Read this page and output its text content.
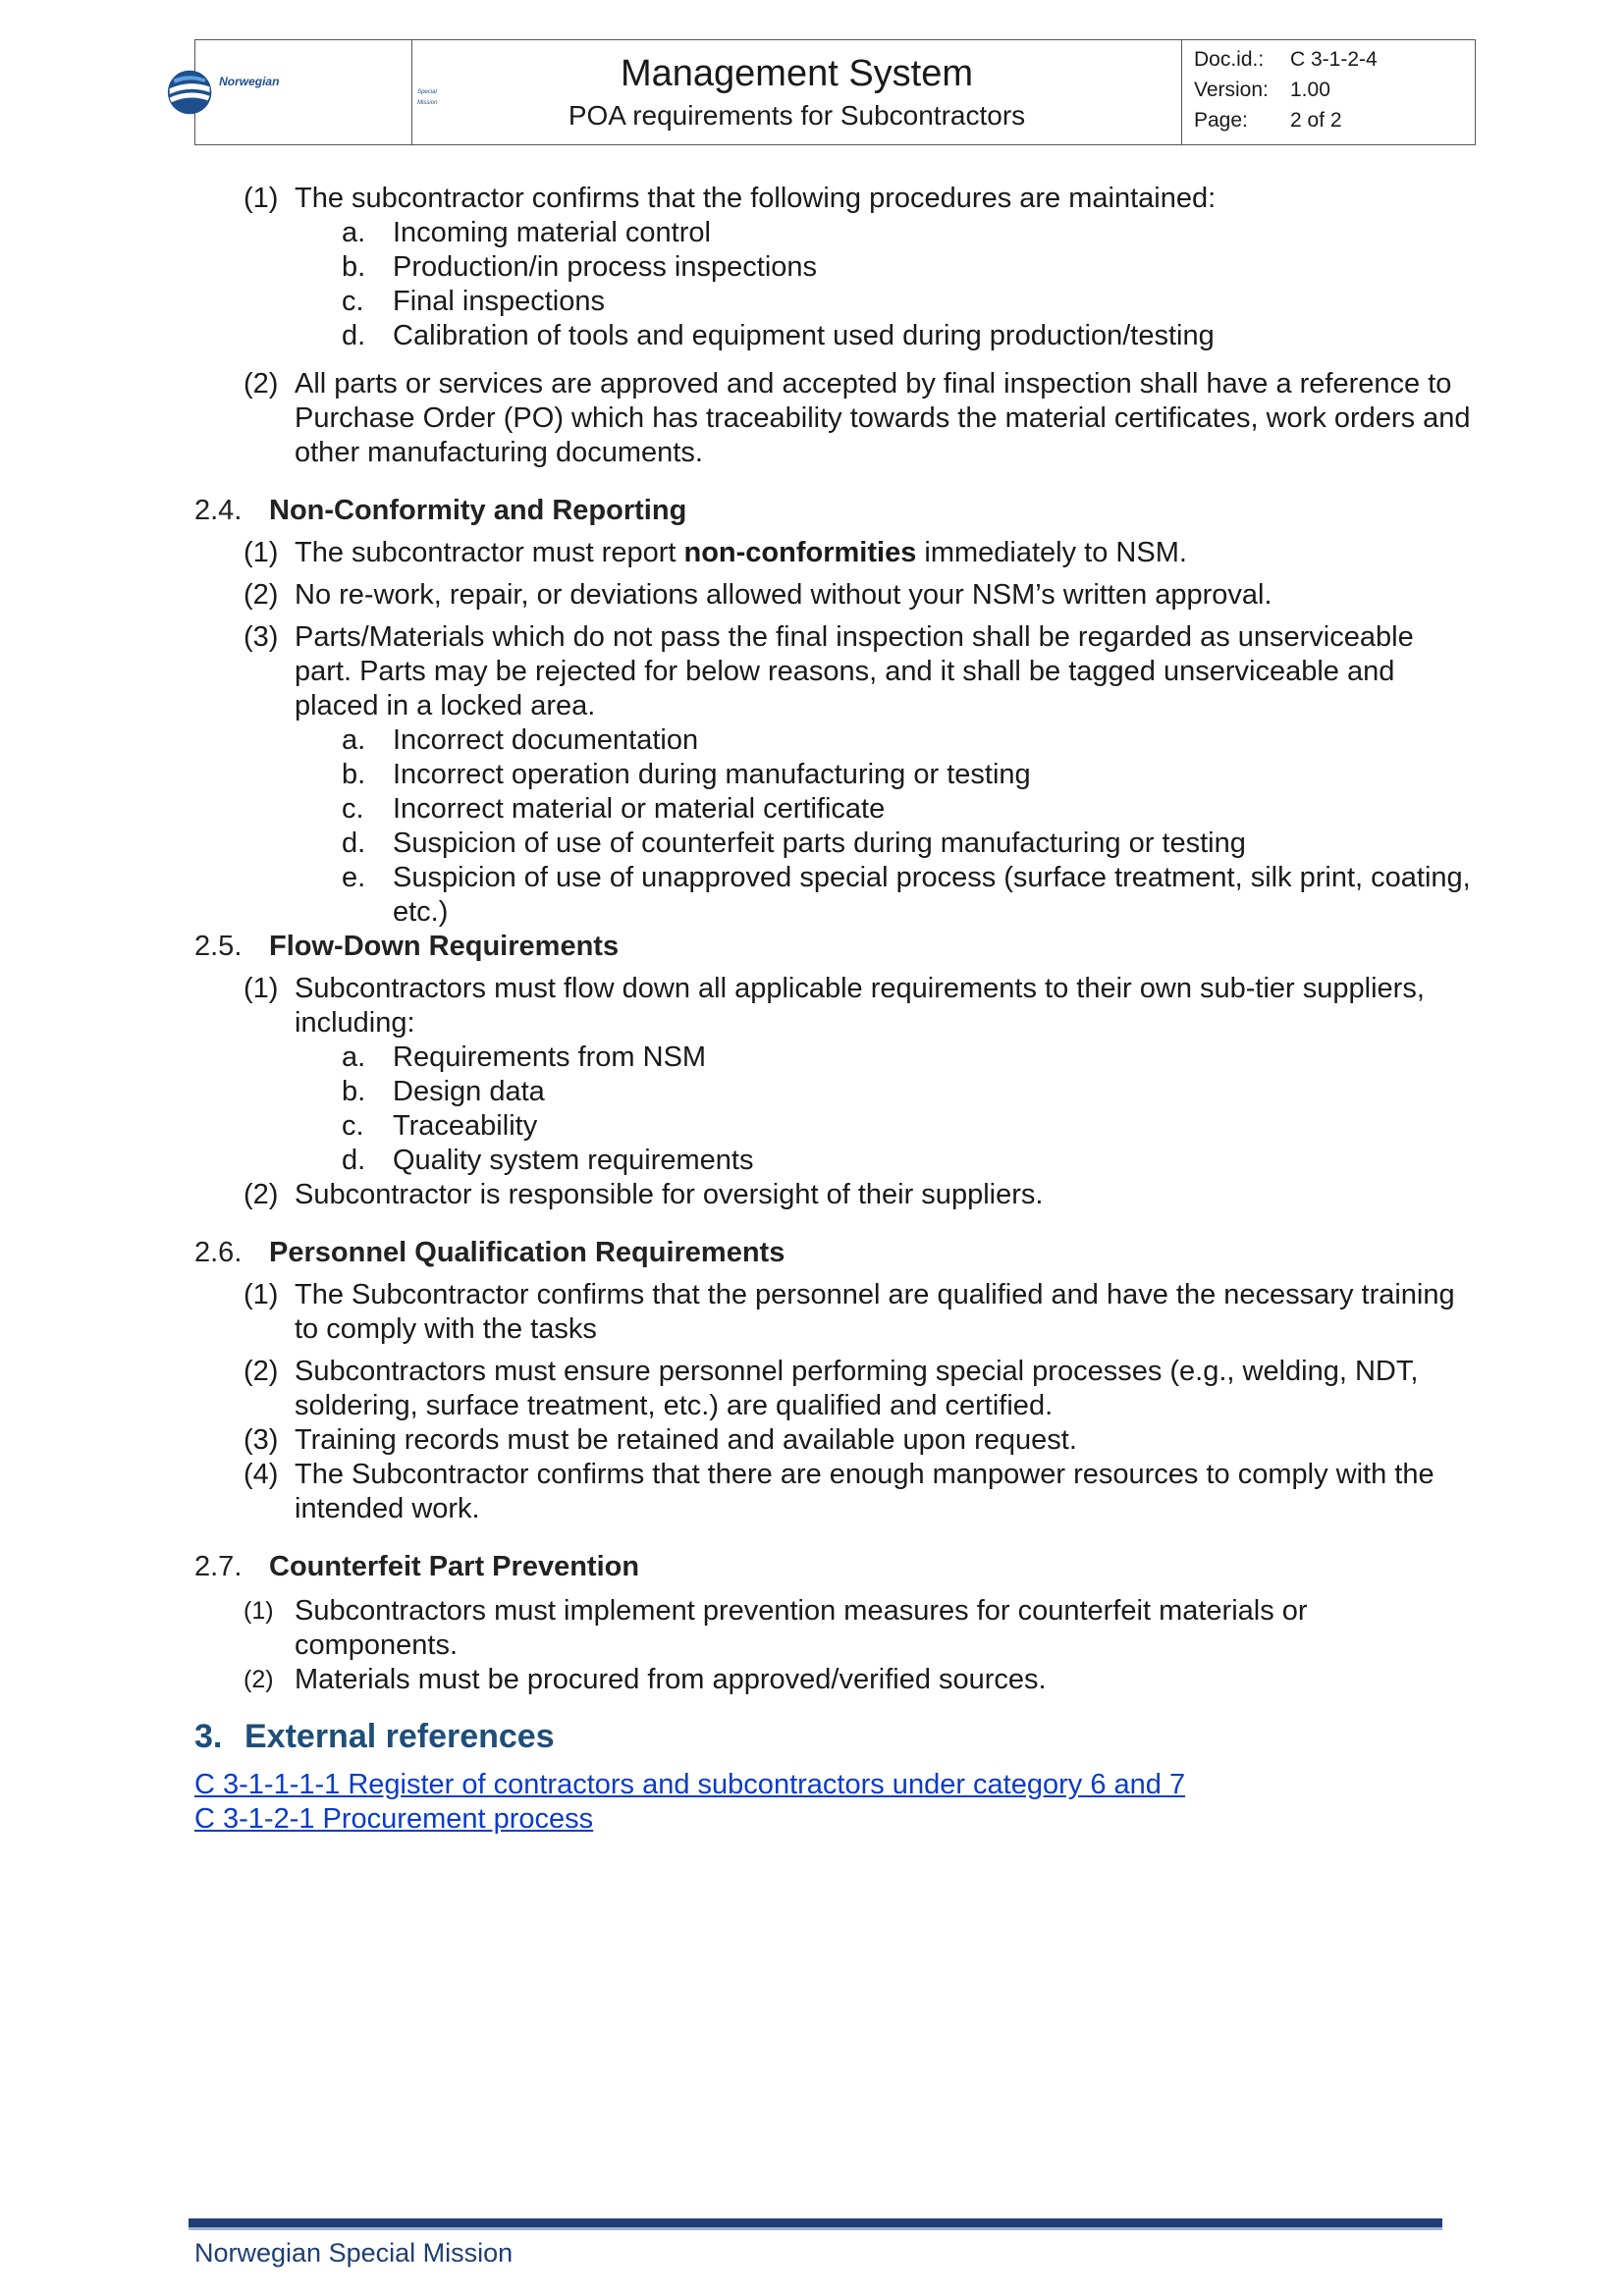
Norwegian
Special Mission
Management System
POA requirements for Subcontractors
Doc.id.:	C 3-1-2-4
Version:	1.00
Page:	2 of 2
(1) The subcontractor confirms that the following procedures are maintained:
a. Incoming material control
b. Production/in process inspections
c. Final inspections
d. Calibration of tools and equipment used during production/testing
(2) All parts or services are approved and accepted by final inspection shall have a reference to Purchase Order (PO) which has traceability towards the material certificates, work orders and other manufacturing documents.
2.4. Non-Conformity and Reporting
(1) The subcontractor must report non-conformities immediately to NSM.
(2) No re-work, repair, or deviations allowed without your NSM’s written approval.
(3) Parts/Materials which do not pass the final inspection shall be regarded as unserviceable part. Parts may be rejected for below reasons, and it shall be tagged unserviceable and placed in a locked area.
a. Incorrect documentation
b. Incorrect operation during manufacturing or testing
c. Incorrect material or material certificate
d. Suspicion of use of counterfeit parts during manufacturing or testing
e. Suspicion of use of unapproved special process (surface treatment, silk print, coating, etc.)
2.5. Flow-Down Requirements
(1) Subcontractors must flow down all applicable requirements to their own sub-tier suppliers, including:
a. Requirements from NSM
b. Design data
c. Traceability
d. Quality system requirements
(2) Subcontractor is responsible for oversight of their suppliers.
2.6. Personnel Qualification Requirements
(1) The Subcontractor confirms that the personnel are qualified and have the necessary training to comply with the tasks
(2) Subcontractors must ensure personnel performing special processes (e.g., welding, NDT, soldering, surface treatment, etc.) are qualified and certified.
(3) Training records must be retained and available upon request.
(4) The Subcontractor confirms that there are enough manpower resources to comply with the intended work.
2.7. Counterfeit Part Prevention
(1) Subcontractors must implement prevention measures for counterfeit materials or components.
(2) Materials must be procured from approved/verified sources.
3. External references
C 3-1-1-1-1 Register of contractors and subcontractors under category 6 and 7
C 3-1-2-1 Procurement process
Norwegian Special Mission
